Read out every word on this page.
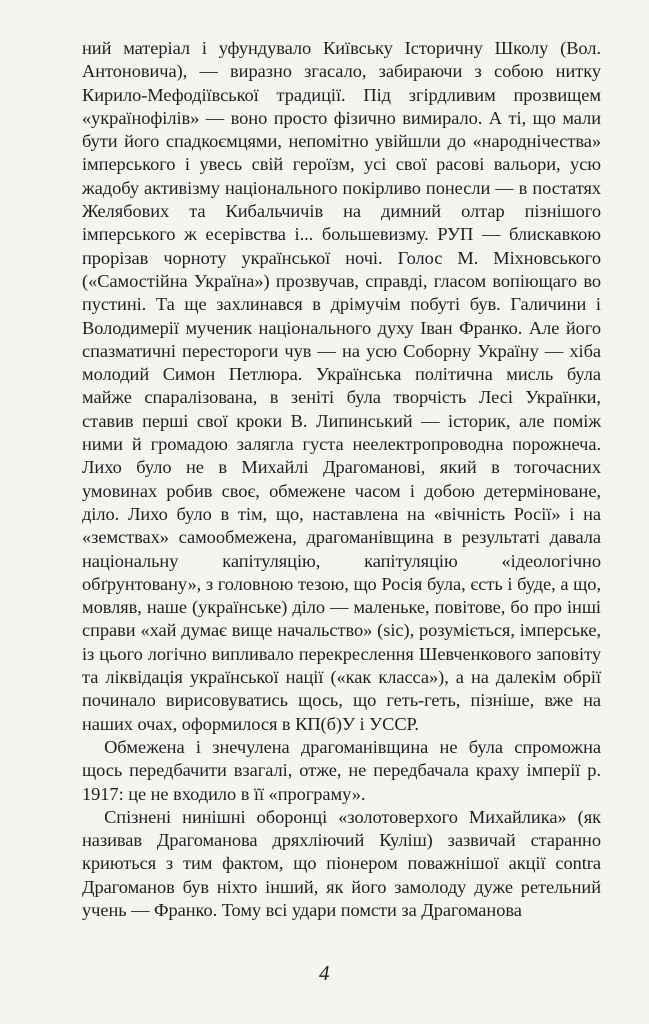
ний матеріал і уфундувало Київську Історичну Школу (Вол. Антоновича), — виразно згасало, забираючи з собою нитку Кирило-Мефодіївської традиції. Під згірдливим прозвищем «українофілів» — воно просто фізично вимирало. А ті, що мали бути його спадкоємцями, непомітно увійшли до «народнічества» імперського і увесь свій героїзм, усі свої расові вальори, усю жадобу активізму національного покірливо понесли — в постатях Желябових та Кибальчичів на димний олтар пізнішого імперського ж есерівства і... большевизму. РУП — блискавкою прорізав чорноту української ночі. Голос М. Міхновського («Самостійна Україна») прозвучав, справді, гласом вопіющаго во пустині. Та ще захлинався в дрімучім побуті був. Галичини і Володимерії мученик національного духу Іван Франко. Але його спазматичні перестороги чув — на усю Соборну Україну — хіба молодий Симон Петлюра. Українська політична мисль була майже спаралізована, в зеніті була творчість Лесі Українки, ставив перші свої кроки В. Липинський — історик, але поміж ними й громадою залягла густа неелектропроводна порожнеча. Лихо було не в Михайлі Драгоманові, який в тогочасних умовинах робив своє, обмежене часом і добою детерміноване, діло. Лихо було в тім, що, наставлена на «вічність Росії» і на «земствах» самообмежена, драгоманівщина в результаті давала національну капітуляцію, капітуляцію «ідеологічно обґрунтовану», з головною тезою, що Росія була, єсть і буде, а що, мовляв, наше (українське) діло — маленьке, повітове, бо про інші справи «хай думає вище начальство» (sic), розуміється, імперське, із цього логічно випливало перекреслення Шевченкового заповіту та ліквідація української нації («как класса»), а на далекім обрії починало вирисовуватись щось, що геть-геть, пізніше, вже на наших очах, оформилося в КП(б)У і УССР.

Обмежена і знечулена драгоманівщина не була спроможна щось передбачити взагалі, отже, не передбачала краху імперії р. 1917: це не входило в її «програму».

Спізнені нинішні оборонці «золотоверхого Михайлика» (як називав Драгоманова дряхліючий Куліш) зазвичай старанно криються з тим фактом, що піонером поважнішої акції contra Драгоманов був ніхто інший, як його замолоду дуже ретельний учень — Франко. Тому всі удари помсти за Драгоманова

4
